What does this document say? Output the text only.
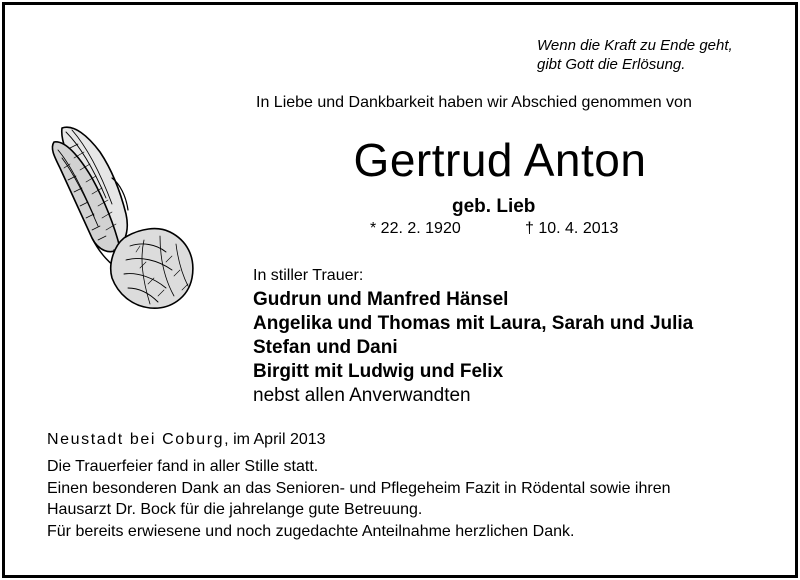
Wenn die Kraft zu Ende geht,
gibt Gott die Erlösung.
In Liebe und Dankbarkeit haben wir Abschied genommen von
Gertrud Anton
geb. Lieb
* 22. 2. 1920	† 10. 4. 2013
In stiller Trauer:
Gudrun und Manfred Hänsel
Angelika und Thomas mit Laura, Sarah und Julia
Stefan und Dani
Birgitt mit Ludwig und Felix
nebst allen Anverwandten
Neustadt bei Coburg, im April 2013

Die Trauerfeier fand in aller Stille statt.

Einen besonderen Dank an das Senioren- und Pflegeheim Fazit in Rödental sowie ihren

Hausarzt Dr. Bock für die jahrelange gute Betreuung.

Für bereits erwiesene und noch zugedachte Anteilnahme herzlichen Dank.
